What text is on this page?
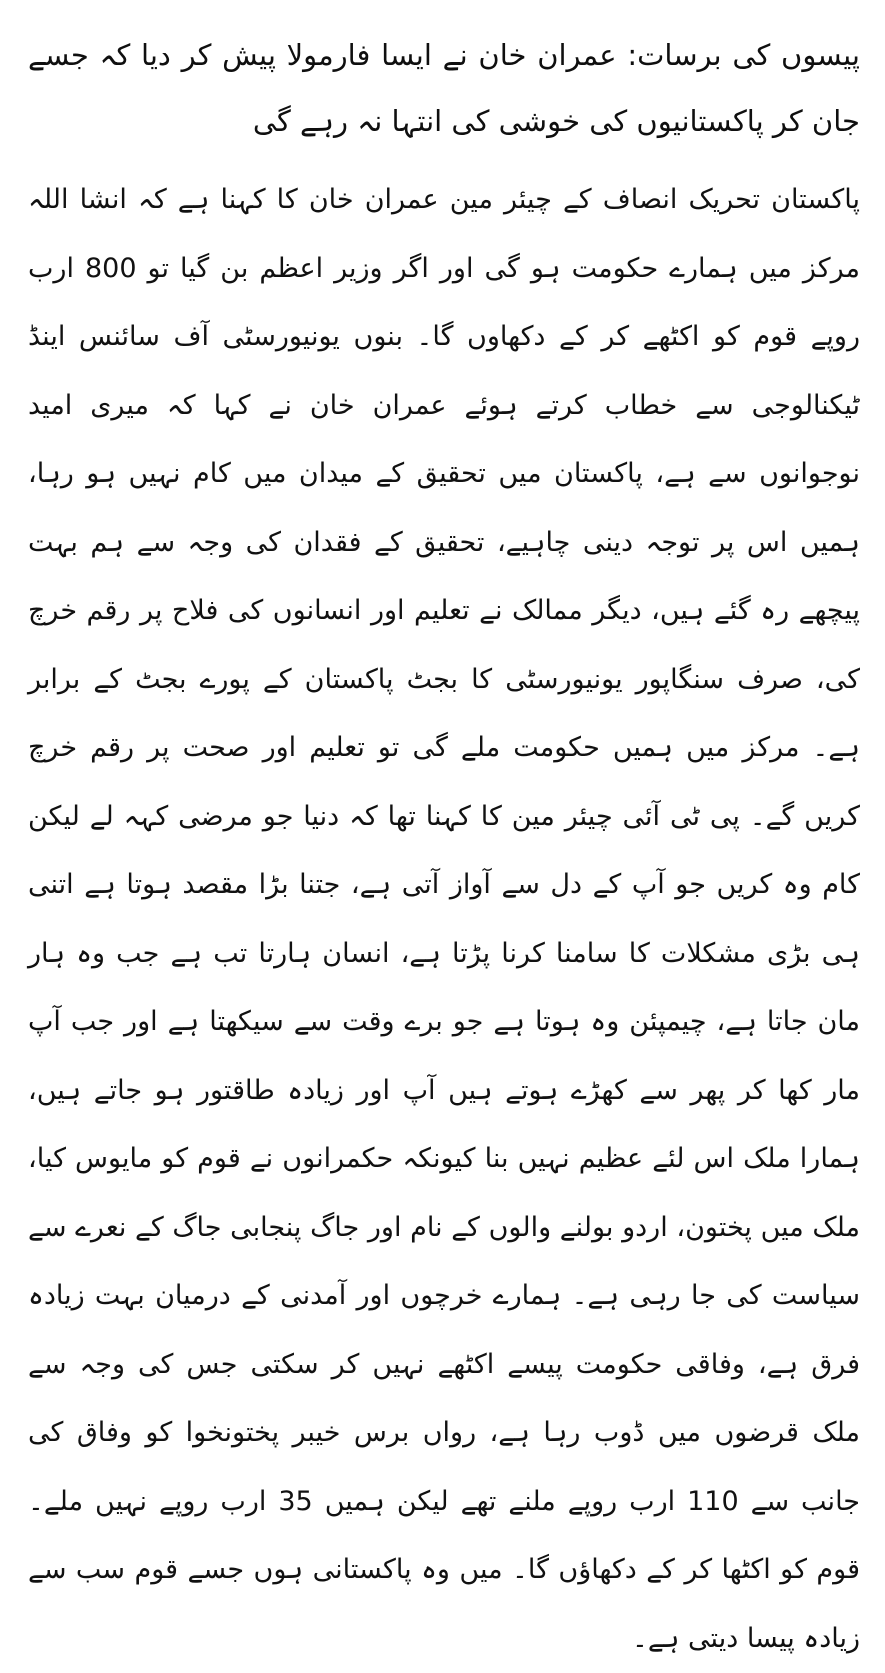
پیسوں کی برسات: عمران خان نے ایسا فارمولا پیش کر دیا کہ جسے جان کر پاکستانیوں کی خوشی کی انتہا نہ رہے گی

پاکستان تحریک انصاف کے چیئر مین عمران خان کا کہنا ہے کہ انشا اللہ مرکز میں ہمارے حکومت ہو گی اور اگر وزیر اعظم بن گیا تو 800 ارب روپے قوم کو اکٹھے کر کے دکھاوں گا۔ بنوں یونیورسٹی آف سائنس اینڈ ٹیکنالوجی سے خطاب کرتے ہوئے عمران خان نے کہا کہ میری امید نوجوانوں سے ہے، پاکستان میں تحقیق کے میدان میں کام نہیں ہو رہا، ہمیں اس پر توجہ دینی چاہیے، تحقیق کے فقدان کی وجہ سے ہم بہت پیچھے رہ گئے ہیں، دیگر ممالک نے تعلیم اور انسانوں کی فلاح پر رقم خرچ کی، صرف سنگاپور یونیورسٹی کا بجٹ پاکستان کے پورے بجٹ کے برابر ہے۔ مرکز میں ہمیں حکومت ملے گی تو تعلیم اور صحت پر رقم خرچ کریں گے۔ پی ٹی آئی چیئر مین کا کہنا تھا کہ دنیا جو مرضی کہہ لے لیکن کام وہ کریں جو آپ کے دل سے آواز آتی ہے، جتنا بڑا مقصد ہوتا ہے اتنی ہی بڑی مشکلات کا سامنا کرنا پڑتا ہے، انسان ہارتا تب ہے جب وہ ہار مان جاتا ہے، چیمپئن وہ ہوتا ہے جو برے وقت سے سیکھتا ہے اور جب آپ مار کھا کر پھر سے کھڑے ہوتے ہیں آپ اور زیادہ طاقتور ہو جاتے ہیں، ہمارا ملک اس لئے عظیم نہیں بنا کیونکہ حکمرانوں نے قوم کو مایوس کیا، ملک میں پختون، اردو بولنے والوں کے نام اور جاگ پنجابی جاگ کے نعرے سے سیاست کی جا رہی ہے۔ ہمارے خرچوں اور آمدنی کے درمیان بہت زیادہ فرق ہے، وفاقی حکومت پیسے اکٹھے نہیں کر سکتی جس کی وجہ سے ملک قرضوں میں ڈوب رہا ہے، رواں برس خیبر پختونخوا کو وفاق کی جانب سے 110 ارب روپے ملنے تھے لیکن ہمیں 35 ارب روپے نہیں ملے۔ قوم کو اکٹھا کر کے دکھاؤں گا۔ میں وہ پاکستانی ہوں جسے قوم سب سے زیادہ پیسا دیتی ہے۔
